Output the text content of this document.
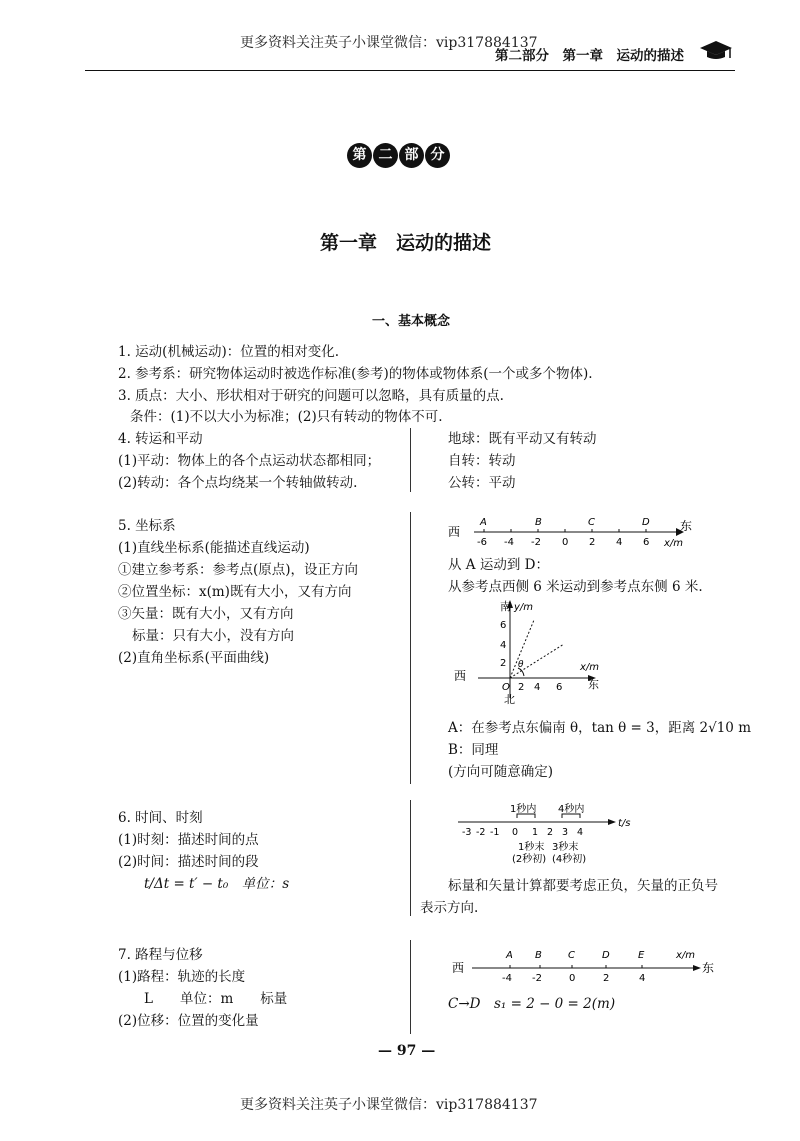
更多资料关注英子小课堂微信：vip317884137
第二部分　第一章　运动的描述
第 二 部 分
第一章　运动的描述
一、基本概念
1. 运动(机械运动)：位置的相对变化.
2. 参考系：研究物体运动时被选作标准(参考)的物体或物体系(一个或多个物体).
3. 质点：大小、形状相对于研究的问题可以忽略，具有质量的点.
条件：(1)不以大小为标准；(2)只有转动的物体不可.
4. 转运和平动
(1)平动：物体上的各个点运动状态都相同；
(2)转动：各个点均绕某一个转轴做转动.
地球：既有平动又有转动
自转：转动
公转：平动
5. 坐标系
(1)直线坐标系(能描述直线运动)
①建立参考系：参考点(原点)，设正方向
②位置坐标：x(m)既有大小，又有方向
③矢量：既有大小，又有方向
标量：只有大小，没有方向
(2)直角坐标系(平面曲线)
西	东
x/m
A	B	C	D
-6 -4 -2 0 2 4 6
从 A 运动到 D：
从参考点西侧 6 米运动到参考点东侧 6 米.
南 y/m
西
东
x/m
O
北
6
4
2
2 4 6
θ
A：在参考点东偏南 θ，tan θ = 3，距离 2√10 m
B：同理
(方向可随意确定)
6. 时间、时刻
(1)时刻：描述时间的点
(2)时间：描述时间的段
t/Δt = t′ − t₀　单位：s
t/s
1秒内 4秒内
-3 -2 -1 0 1 2 3 4
1秒末 3秒末
(2秒初) (4秒初)
标量和矢量计算都要考虑正负，矢量的正负号
表示方向.
7. 路程与位移
(1)路程：轨迹的长度
L　　单位：m　　标量
(2)位移：位置的变化量
西	东
x/m
A B	C	D	E
-4 -2	0	2	4
C→D　s₁ = 2 − 0 = 2(m)
— 97 —
更多资料关注英子小课堂微信：vip317884137
